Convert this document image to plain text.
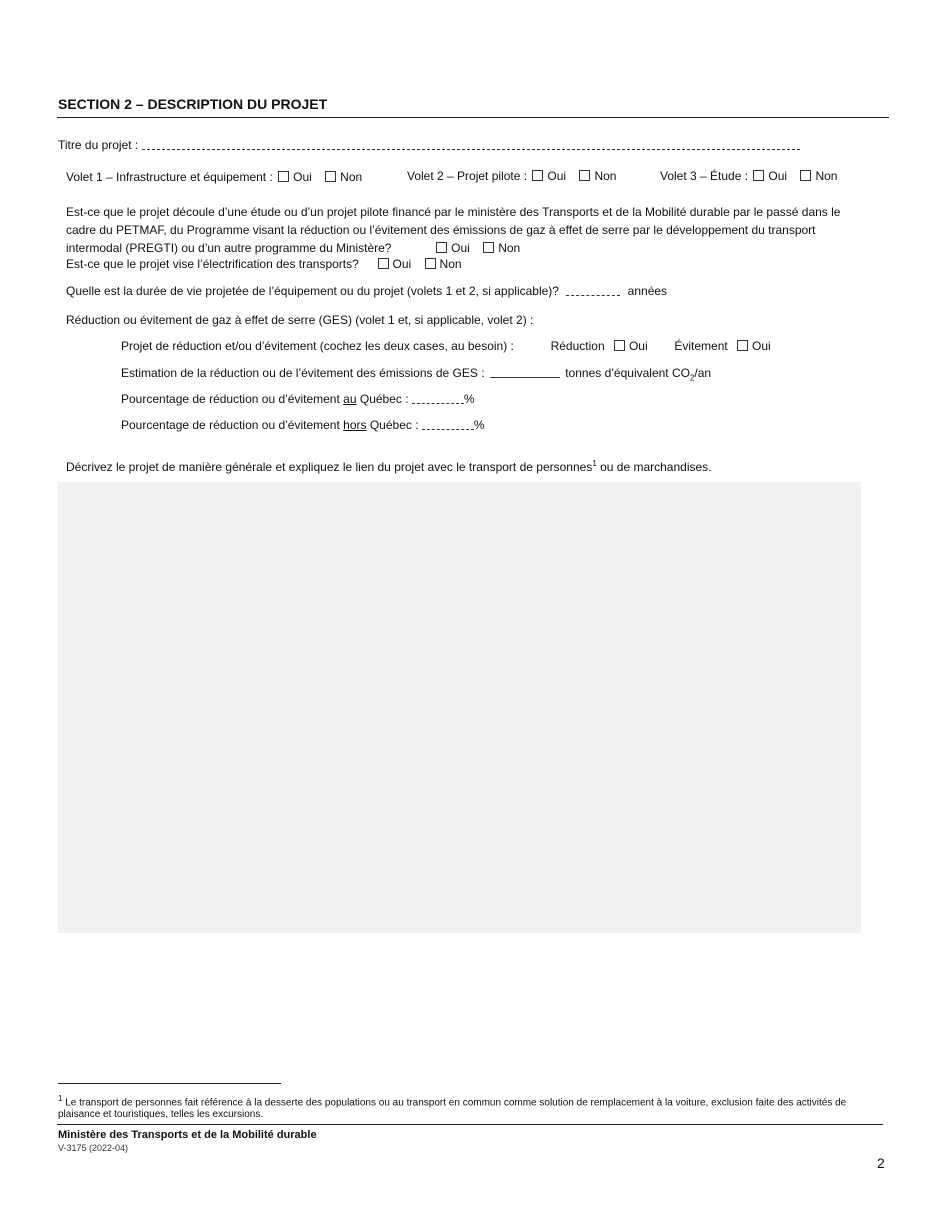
SECTION 2 – DESCRIPTION DU PROJET
Titre du projet :
Volet 1 – Infrastructure et équipement : Oui Non	Volet 2 – Projet pilote : Oui Non	Volet 3 – Étude : Oui Non
Est-ce que le projet découle d’une étude ou d’un projet pilote financé par le ministère des Transports et de la Mobilité durable par le passé dans le cadre du PETMAF, du Programme visant la réduction ou l’évitement des émissions de gaz à effet de serre par le développement du transport intermodal (PREGTI) ou d’un autre programme du Ministère?	Oui Non
Est-ce que le projet vise l’électrification des transports?	Oui Non
Quelle est la durée de vie projetée de l’équipement ou du projet (volets 1 et 2, si applicable)?	années
Réduction ou évitement de gaz à effet de serre (GES) (volet 1 et, si applicable, volet 2) :
Projet de réduction et/ou d’évitement (cochez les deux cases, au besoin) :	Réduction Oui Évitement Oui
Estimation de la réduction ou de l’évitement des émissions de GES :	tonnes d’équivalent $CO_2/an$
Pourcentage de réduction ou d’évitement au Québec :	%
Pourcentage de réduction ou d’évitement hors Québec :	%
Décrivez le projet de manière générale et expliquez le lien du projet avec le transport de personnes$^1$ ou de marchandises.
$^1$ Le transport de personnes fait référence à la desserte des populations ou au transport en commun comme solution de remplacement à la voiture, exclusion faite des activités de plaisance et touristiques, telles les excursions.
Ministère des Transports et de la Mobilité durable
V-3175 (2022-04)
2
